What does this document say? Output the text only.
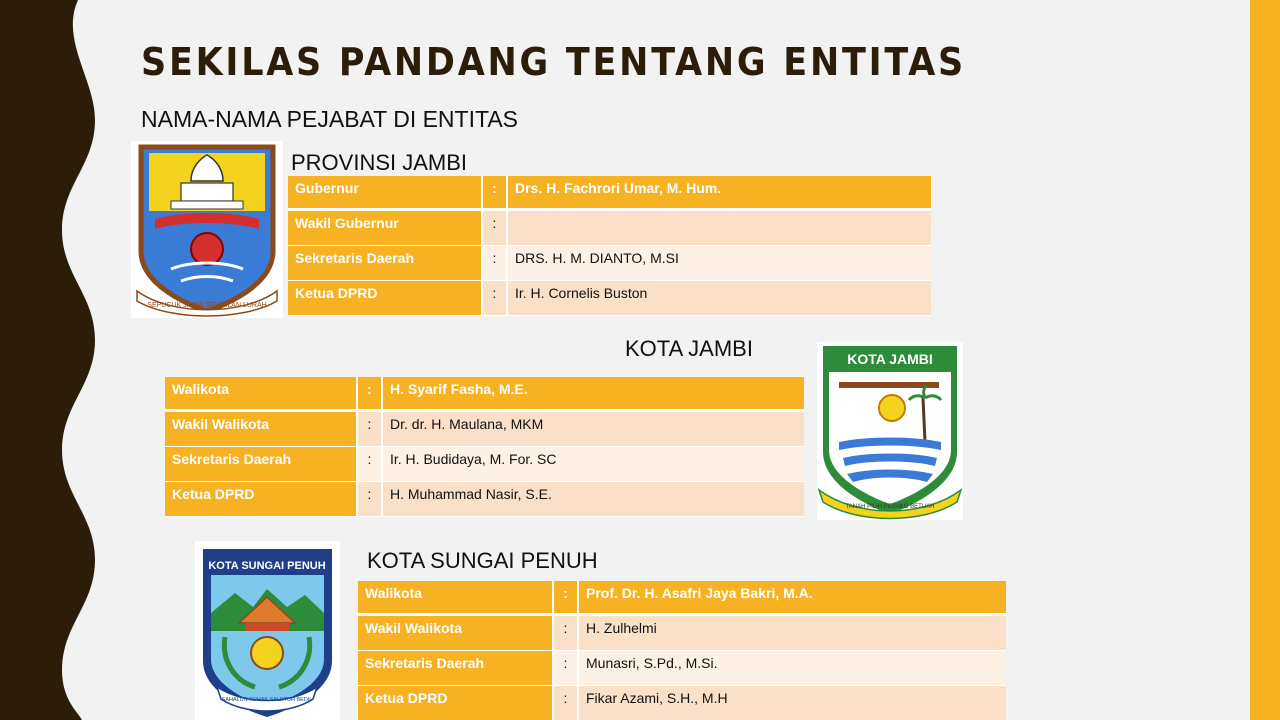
SEKILAS PANDANG TENTANG ENTITAS
NAMA-NAMA PEJABAT DI ENTITAS
SEPUCUK JAMBI SEMBILAN LURAH
PROVINSI JAMBI
Gubernur	:	Drs. H. Fachrori Umar, M. Hum.
Wakil Gubernur	:	
Sekretaris Daerah	:	DRS. H. M. DIANTO, M.SI
Ketua DPRD	:	Ir. H. Cornelis Buston
KOTA JAMBI	KOTA JAMBI
TANAH PILIH PESAKO BETUAH
Walikota	:	H. Syarif Fasha, M.E.
Wakil Walikota	:	Dr. dr. H. Maulana, MKM
Sekretaris Daerah	:	Ir. H. Budidaya, M. For. SC
Ketua DPRD	:	H. Muhammad Nasir, S.E.
KOTA SUNGAI PENUH
SAHALUN SUHAK SALETUH BEDIL
KOTA SUNGAI PENUH
Walikota	:	Prof. Dr. H. Asafri Jaya Bakri, M.A.
Wakil Walikota	:	H. Zulhelmi
Sekretaris Daerah	:	Munasri, S.Pd., M.Si.
Ketua DPRD	:	Fikar Azami, S.H., M.H
